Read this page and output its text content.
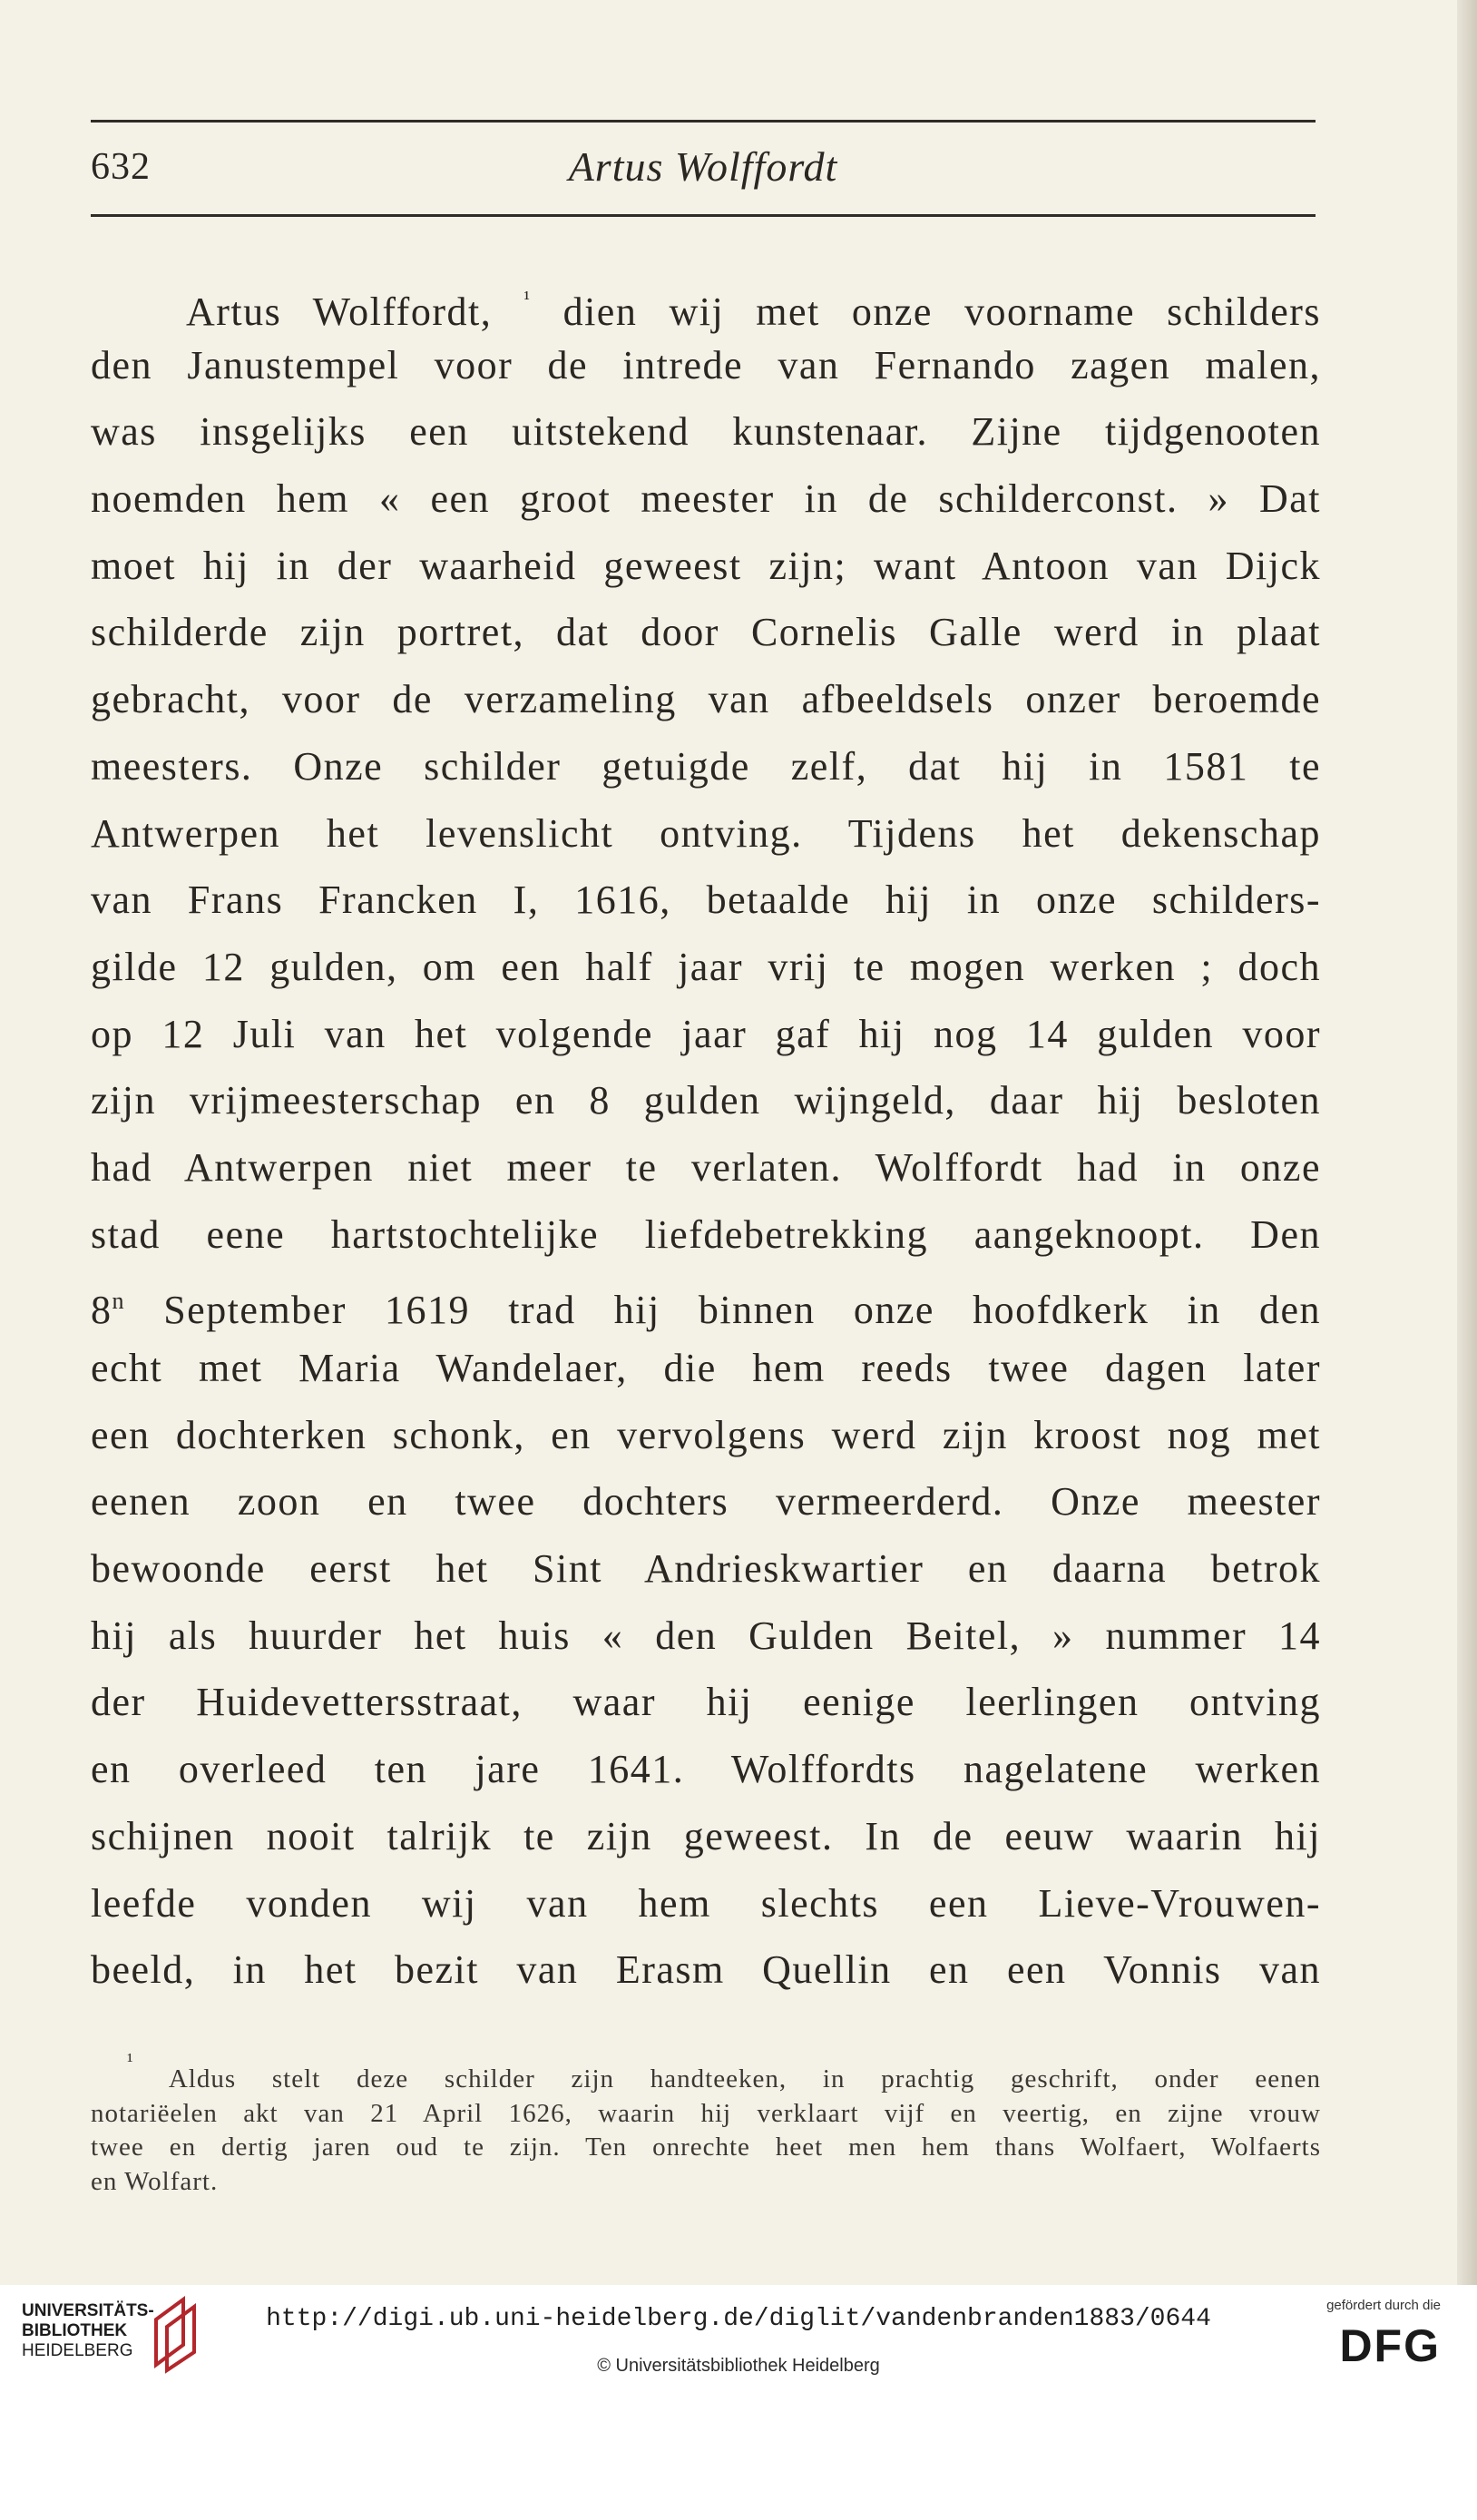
632	Artus Wolffordt
Artus Wolffordt, $^{^1}$ dien wij met onze voorname schilders
den Janustempel voor de intrede van Fernando zagen malen,
was insgelijks een uitstekend kunstenaar. Zijne tijdgenooten
noemden hem « een groot meester in de schilderconst. » Dat
moet hij in der waarheid geweest zijn; want Antoon van Dijck
schilderde zijn portret, dat door Cornelis Galle werd in plaat
gebracht, voor de verzameling van afbeeldsels onzer beroemde
meesters. Onze schilder getuigde zelf, dat hij in 1581 te
Antwerpen het levenslicht ontving. Tijdens het dekenschap
van Frans Francken I, 1616, betaalde hij in onze schilders-
gilde 12 gulden, om een half jaar vrij te mogen werken ; doch
op 12 Juli van het volgende jaar gaf hij nog 14 gulden voor
zijn vrijmeesterschap en 8 gulden wijngeld, daar hij besloten
had Antwerpen niet meer te verlaten. Wolffordt had in onze
stad eene hartstochtelijke liefdebetrekking aangeknoopt. Den
8$^n$ September 1619 trad hij binnen onze hoofdkerk in den
echt met Maria Wandelaer, die hem reeds twee dagen later
een dochterken schonk, en vervolgens werd zijn kroost nog met
eenen zoon en twee dochters vermeerderd. Onze meester
bewoonde eerst het Sint Andrieskwartier en daarna betrok
hij als huurder het huis « den Gulden Beitel, » nummer 14
der Huidevettersstraat, waar hij eenige leerlingen ontving
en overleed ten jare 1641. Wolffordts nagelatene werken
schijnen nooit talrijk te zijn geweest. In de eeuw waarin hij
leefde vonden wij van hem slechts een Lieve-Vrouwen-
beeld, in het bezit van Erasm Quellin en een Vonnis van
$^{^1}$ Aldus stelt deze schilder zijn handteeken, in prachtig geschrift, onder eenen
notariëelen akt van 21 April 1626, waarin hij verklaart vijf en veertig, en zijne vrouw
twee en dertig jaren oud te zijn. Ten onrechte heet men hem thans Wolfaert, Wolfaerts
en Wolfart.
UNIVERSITÄTS-
BIBLIOTHEK
HEIDELBERG
http://digi.ub.uni-heidelberg.de/diglit/vandenbranden1883/0644
© Universitätsbibliothek Heidelberg
gefördert durch die
DFG
